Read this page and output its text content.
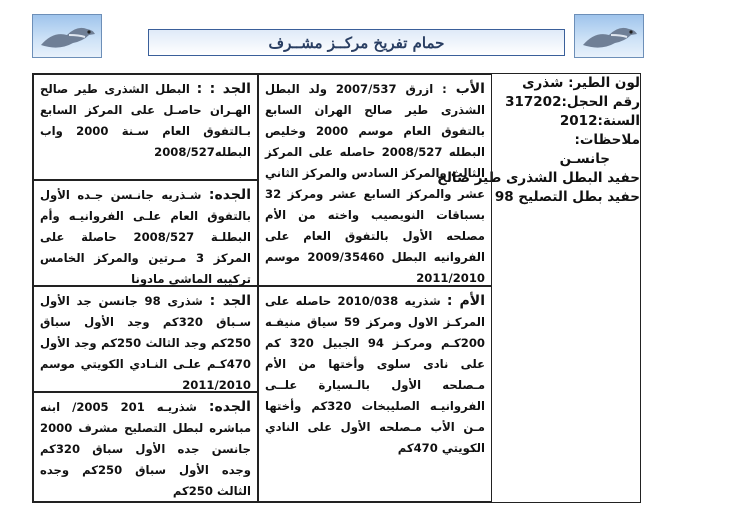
حمام تفريخ مركــز مشــرف
لون الطير: شذرى
رقم الحجل:317202
السنة:2012
ملاحظات:
جانسـن
حفيد البطل الشذرى طير صالح
حفيد بطل التصليح 98
الأب : ازرق 2007/537 ولد البطل الشذرى طير صالح الهران السابع بالتفوق العام موسم 2000 وخليص البطله 2008/527 حاصله على المركز الثالث والمركز السادس والمركز الثاني عشر والمركز السابع عشر ومركز 32 بسباقات النويصيب واخته من الأم مصلحه الأول بالتفوق العام على الفروانيه البطل 2009/35460 موسم 2011/2010
الأم : شذريه 2010/038 حاصله على المركـز الاول ومركز 59 سياق منيفـه 200كـم ومركـز 94 الجبيل 320 كم على نادى سلوى وأختها من الأم مـصلحه الأول بالـسيارة علــى الفروانيـه الصليبخات 320كم وأختها مـن الأب مـصلحه الأول على النادي الكويتي 470كم
الجد : : البطل الشذرى طير صالح الهـران حاصـل على المركز السابع بـالتفوق العام سـنة 2000 واب البطله2008/527
الجده: شـذريه جانـسن جـده الأول بالتفوق العام علـى الفروانيـه وأم البطلـة 2008/527 حاصلة على المركز 3 مـرتين والمركز الخامس تركيبه الماشي مادونا
الجد : شذرى 98 جانسن جد الأول سـباق 320كم وجد الأول سباق 250كم وجد الثالث 250كم وجد الأول 470كـم علـى النـادي الكويتي موسم 2011/2010
الجده: شذريـه 201 2005/ ابنه مباشره لبطل التصليح مشرف 2000 جانسن جده الأول سباق 320كم وجده الأول سباق 250كم وجده الثالث 250كم
